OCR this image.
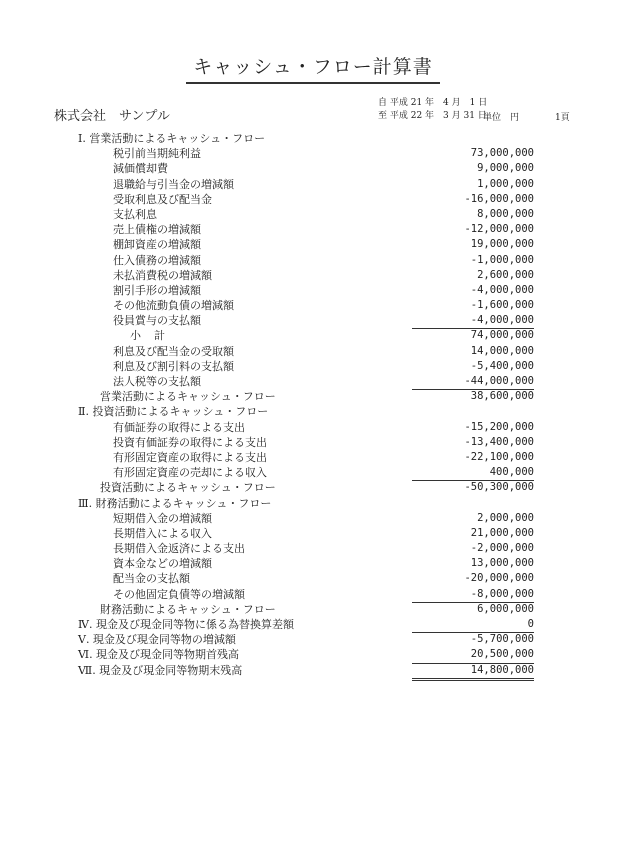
キャッシュ・フロー計算書
株式会社　サンプル
自 平成 21 年　4 月　1 日
至 平成 22 年　3 月 31 日
単位　円	1頁
Ⅰ. 営業活動によるキャッシュ・フロー
税引前当期純利益	73,000,000
減価償却費	9,000,000
退職給与引当金の増減額	1,000,000
受取利息及び配当金	-16,000,000
支払利息	8,000,000
売上債権の増減額	-12,000,000
棚卸資産の増減額	19,000,000
仕入債務の増減額	-1,000,000
未払消費税の増減額	2,600,000
割引手形の増減額	-4,000,000
その他流動負債の増減額	-1,600,000
役員賞与の支払額	-4,000,000
小計	74,000,000
利息及び配当金の受取額	14,000,000
利息及び割引料の支払額	-5,400,000
法人税等の支払額	-44,000,000
営業活動によるキャッシュ・フロー	38,600,000
Ⅱ. 投資活動によるキャッシュ・フロー
有価証券の取得による支出	-15,200,000
投資有価証券の取得による支出	-13,400,000
有形固定資産の取得による支出	-22,100,000
有形固定資産の売却による収入	400,000
投資活動によるキャッシュ・フロー	-50,300,000
Ⅲ. 財務活動によるキャッシュ・フロー
短期借入金の増減額	2,000,000
長期借入による収入	21,000,000
長期借入金返済による支出	-2,000,000
資本金などの増減額	13,000,000
配当金の支払額	-20,000,000
その他固定負債等の増減額	-8,000,000
財務活動によるキャッシュ・フロー	6,000,000
Ⅳ. 現金及び現金同等物に係る為替換算差額	0
Ⅴ. 現金及び現金同等物の増減額	-5,700,000
Ⅵ. 現金及び現金同等物期首残高	20,500,000
Ⅶ. 現金及び現金同等物期末残高	14,800,000
